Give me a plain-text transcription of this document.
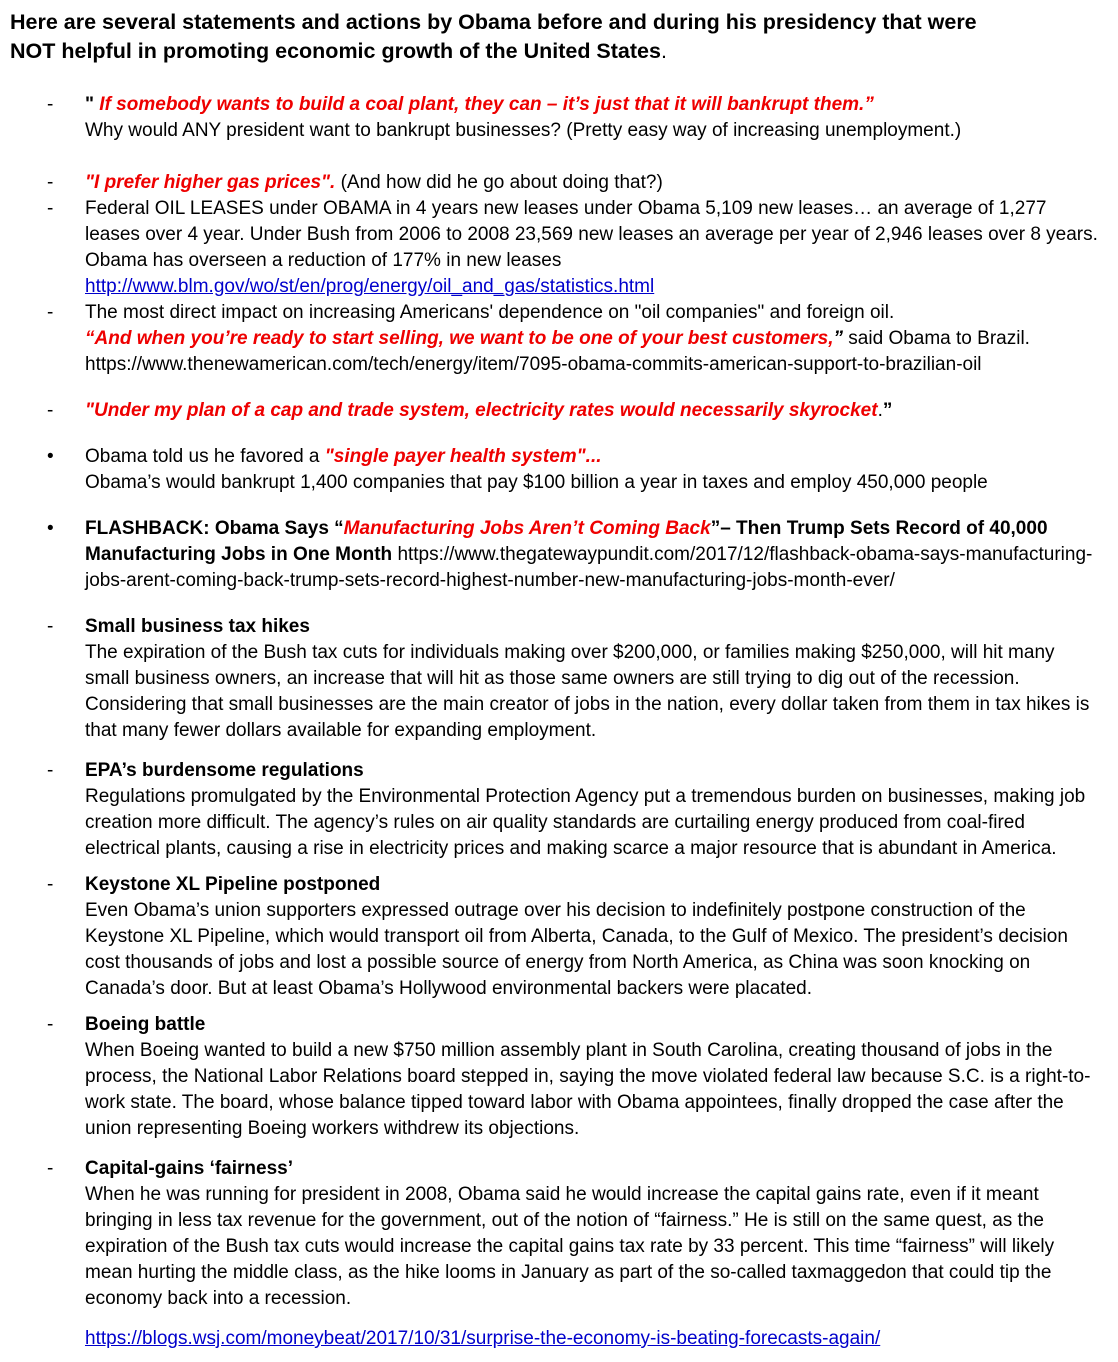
Here are several statements and actions by Obama before and during his presidency that were
NOT helpful in promoting economic growth of the United States.
- " If somebody wants to build a coal plant, they can – it’s just that it will bankrupt them.”
Why would ANY president want to bankrupt businesses? (Pretty easy way of increasing unemployment.)
- "I prefer higher gas prices". (And how did he go about doing that?)
- Federal OIL LEASES under OBAMA in 4 years new leases under Obama 5,109 new leases… an average of 1,277 leases over 4 year. Under Bush from 2006 to 2008 23,569 new leases an average per year of 2,946 leases over 8 years. Obama has overseen a reduction of 177% in new leases
http://www.blm.gov/wo/st/en/prog/energy/oil_and_gas/statistics.html
- The most direct impact on increasing Americans' dependence on "oil companies" and foreign oil.
“And when you’re ready to start selling, we want to be one of your best customers,” said Obama to Brazil.
https://www.thenewamerican.com/tech/energy/item/7095-obama-commits-american-support-to-brazilian-oil
- "Under my plan of a cap and trade system, electricity rates would necessarily skyrocket.”
• Obama told us he favored a "single payer health system"...
Obama’s would bankrupt 1,400 companies that pay $100 billion a year in taxes and employ 450,000 people
• FLASHBACK: Obama Says “Manufacturing Jobs Aren’t Coming Back”– Then Trump Sets Record of 40,000 Manufacturing Jobs in One Month https://www.thegatewaypundit.com/2017/12/flashback-obama-says-manufacturing-jobs-arent-coming-back-trump-sets-record-highest-number-new-manufacturing-jobs-month-ever/
- Small business tax hikes
The expiration of the Bush tax cuts for individuals making over $200,000, or families making $250,000, will hit many small business owners, an increase that will hit as those same owners are still trying to dig out of the recession. Considering that small businesses are the main creator of jobs in the nation, every dollar taken from them in tax hikes is that many fewer dollars available for expanding employment.
- EPA’s burdensome regulations
Regulations promulgated by the Environmental Protection Agency put a tremendous burden on businesses, making job creation more difficult. The agency’s rules on air quality standards are curtailing energy produced from coal-fired electrical plants, causing a rise in electricity prices and making scarce a major resource that is abundant in America.
- Keystone XL Pipeline postponed
Even Obama’s union supporters expressed outrage over his decision to indefinitely postpone construction of the Keystone XL Pipeline, which would transport oil from Alberta, Canada, to the Gulf of Mexico. The president’s decision cost thousands of jobs and lost a possible source of energy from North America, as China was soon knocking on Canada’s door. But at least Obama’s Hollywood environmental backers were placated.
- Boeing battle
When Boeing wanted to build a new $750 million assembly plant in South Carolina, creating thousand of jobs in the process, the National Labor Relations board stepped in, saying the move violated federal law because S.C. is a right-to-work state. The board, whose balance tipped toward labor with Obama appointees, finally dropped the case after the union representing Boeing workers withdrew its objections.
- Capital-gains ‘fairness’
When he was running for president in 2008, Obama said he would increase the capital gains rate, even if it meant bringing in less tax revenue for the government, out of the notion of “fairness.” He is still on the same quest, as the expiration of the Bush tax cuts would increase the capital gains tax rate by 33 percent. This time “fairness” will likely mean hurting the middle class, as the hike looms in January as part of the so-called taxmaggedon that could tip the economy back into a recession.
https://blogs.wsj.com/moneybeat/2017/10/31/surprise-the-economy-is-beating-forecasts-again/
